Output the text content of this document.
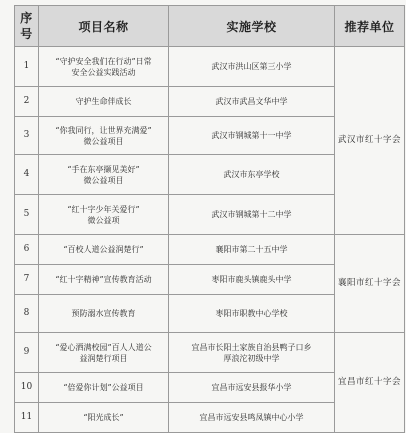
序号	项目名称	实施学校	推荐单位
1	“守护安全我们在行动”日常
安全公益实践活动	武汉市洪山区第三小学	武汉市红十字会
2	守护生命伴成长	武汉市武昌文华中学	
3	“你我同行，让世界充满爱”
微公益项目	武汉市钢城第十一中学	
4	“手在东亭撷见美好”
微公益项目	武汉市东亭学校	
5	“红十字少年关爱行”
微公益项	武汉市钢城第十二中学	
6	“百校人道公益润楚行”	襄阳市第二十五中学	襄阳市红十字会
7	“红十字精神”宣传教育活动	枣阳市鹿头镇鹿头中学	
8	预防溺水宣传教育	枣阳市职教中心学校	
9	“爱心洒满校园”百人人道公
益润楚行项目	宜昌市长阳土家族自治县鸭子口乡
厚浪沱初级中学	宜昌市红十字会
10	“倍爱你计划”公益项目	宜昌市远安县报华小学	
11	“阳光成长”	宜昌市远安县鸣凤镇中心小学	
